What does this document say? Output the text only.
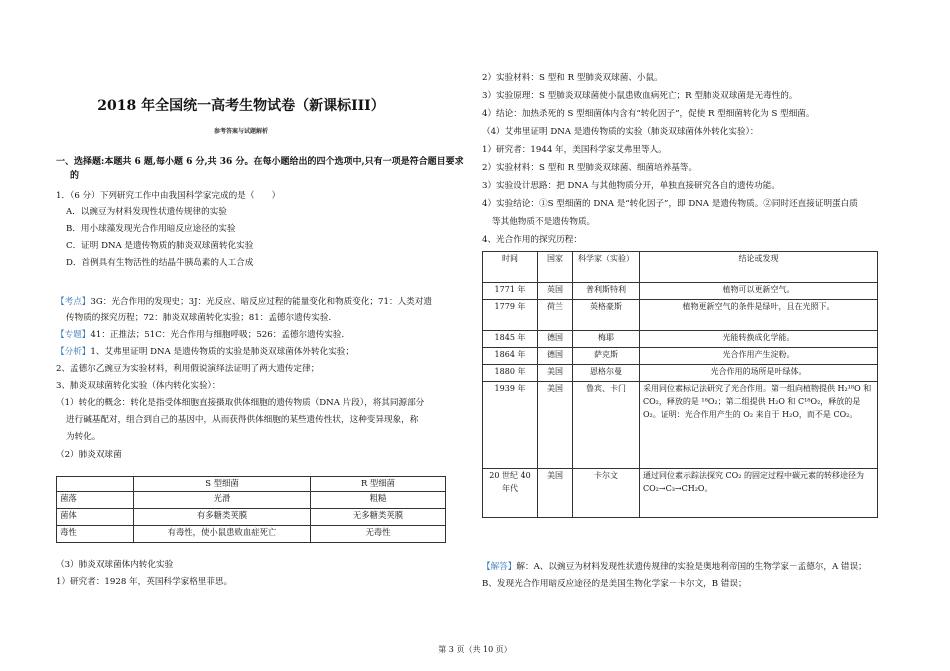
2018 年全国统一高考生物试卷（新课标III）
参考答案与试题解析
一、选择题:本题共 6 题,每小题 6 分,共 36 分。在每小题给出的四个选项中,只有一项是符合题目要求
的
1．（6 分）下列研究工作中由我国科学家完成的是（　　）
A．以豌豆为材料发现性状遗传规律的实验
B．用小球藻发现光合作用暗反应途径的实验
C．证明 DNA 是遗传物质的肺炎双球菌转化实验
D．首例具有生物活性的结晶牛胰岛素的人工合成
【考点】3G：光合作用的发现史；3J：光反应、暗反应过程的能量变化和物质变化；71：人类对遗
传物质的探究历程；72：肺炎双球菌转化实验；81：孟德尔遗传实验．
【专题】41：正推法；51C：光合作用与细胞呼吸；526：孟德尔遗传实验．
【分析】1、艾弗里证明 DNA 是遗传物质的实验是肺炎双球菌体外转化实验；
2、孟德尔乙豌豆为实验材料，利用假说演绎法证明了两大遗传定律；
3、肺炎双球菌转化实验（体内转化实验）：
（1）转化的概念：转化是指受体细胞直接摄取供体细胞的遗传物质（DNA 片段），将其同源部分
进行碱基配对，组合到自己的基因中，从而获得供体细胞的某些遗传性状，这种变异现象，称
为转化。
（2）肺炎双球菌
	S 型细菌	R 型细菌
菌落	光滑	粗糙
菌体	有多糖类荚膜	无多糖类荚膜
毒性	有毒性，使小鼠患败血症死亡	无毒性
（3）肺炎双球菌体内转化实验
1）研究者：1928 年，英国科学家格里菲思。
2）实验材料：S 型和 R 型肺炎双球菌、小鼠。
3）实验原理：S 型肺炎双球菌使小鼠患败血病死亡；R 型肺炎双球菌是无毒性的。
4）结论：加热杀死的 S 型细菌体内含有“转化因子”，促使 R 型细菌转化为 S 型细菌。
（4）艾弗里证明 DNA 是遗传物质的实验（肺炎双球菌体外转化实验）：
1）研究者：1944 年，美国科学家艾弗里等人。
2）实验材料：S 型和 R 型肺炎双球菌、细菌培养基等。
3）实验设计思路：把 DNA 与其他物质分开，单独直接研究各自的遗传功能。
4）实验结论：①S 型细菌的 DNA 是“转化因子”，即 DNA 是遗传物质。②同时还直接证明蛋白质
等其他物质不是遗传物质。
4、光合作用的探究历程：
时间	国家	科学家（实验）	结论或发现
1771 年	英国	普利斯特利	植物可以更新空气。
1779 年	荷兰	英格豪斯	植物更新空气的条件是绿叶，且在光照下。
1845 年	德国	梅耶	光能转换成化学能。
1864 年	德国	萨克斯	光合作用产生淀粉。
1880 年	美国	恩格尔曼	光合作用的场所是叶绿体。
1939 年	美国	鲁宾、卡门	采用同位素标记法研究了光合作用。第一组向植物提供 H₂¹⁸O 和 CO₂，释放的是 ¹⁸O₂；第二组提供 H₂O 和 C¹⁸O₂，释放的是 O₂。证明：光合作用产生的 O₂ 来自于 H₂O，而不是 CO₂。
20 世纪 40 年代	美国	卡尔文	通过同位素示踪法探究 CO₂ 的固定过程中碳元素的转移途径为 CO₂→C₃→CH₂O。
【解答】解：A、以豌豆为材料发现性状遗传规律的实验是奥地利帝国的生物学家－孟德尔，A 错误；
B、发现光合作用暗反应途径的是美国生物化学家－卡尔文，B 错误；
第 3 页（共 10 页）
